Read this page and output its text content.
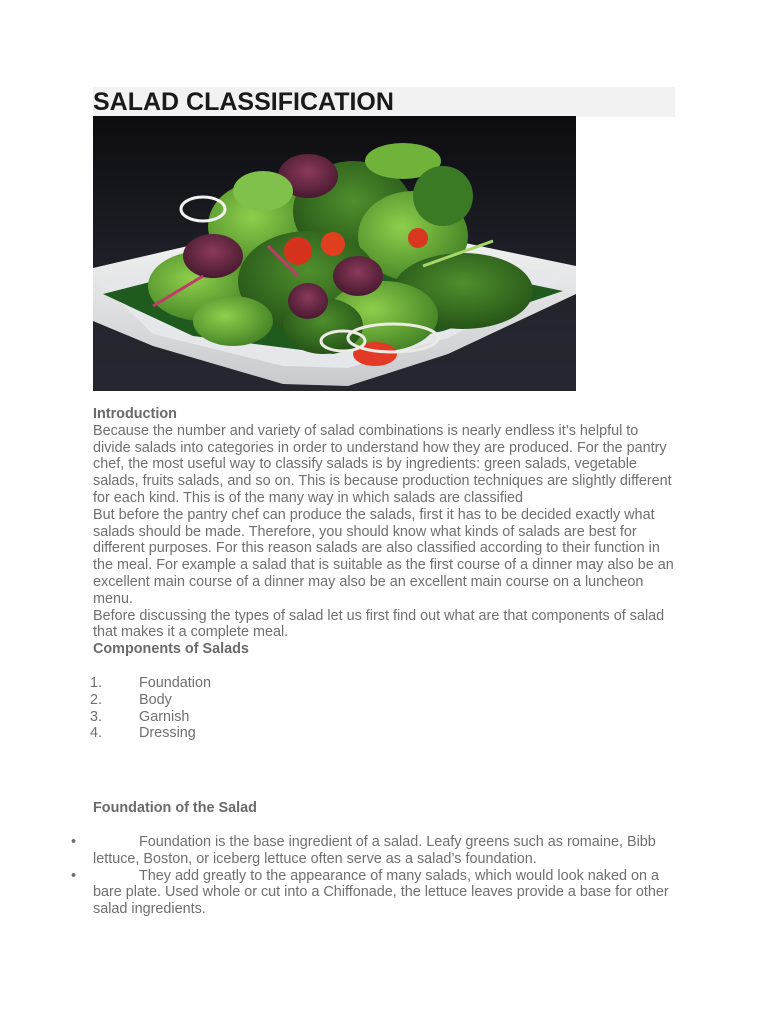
SALAD CLASSIFICATION

Introduction

Because the number and variety of salad combinations is nearly endless it’s helpful to divide salads into categories in order to understand how they are produced. For the pantry chef, the most useful way to classify salads is by ingredients: green salads, vegetable salads, fruits salads, and so on. This is because production techniques are slightly different for each kind. This is of the many way in which salads are classified

But before the pantry chef can produce the salads, first it has to be decided exactly what salads should be made. Therefore, you should know what kinds of salads are best for different purposes. For this reason salads are also classified according to their function in the meal. For example a salad that is suitable as the first course of a dinner may also be an excellent main course of a dinner may also be an excellent main course on a luncheon menu.

Before discussing the types of salad let us first find out what are that components of salad that makes it a complete meal.

Components of Salads

1.	Foundation
2.	Body
3.	Garnish
4.	Dressing

Foundation of the Salad

•	Foundation is the base ingredient of a salad. Leafy greens such as romaine, Bibb lettuce, Boston, or iceberg lettuce often serve as a salad’s foundation.
•	They add greatly to the appearance of many salads, which would look naked on a bare plate. Used whole or cut into a Chiffonade, the lettuce leaves provide a base for other salad ingredients.
